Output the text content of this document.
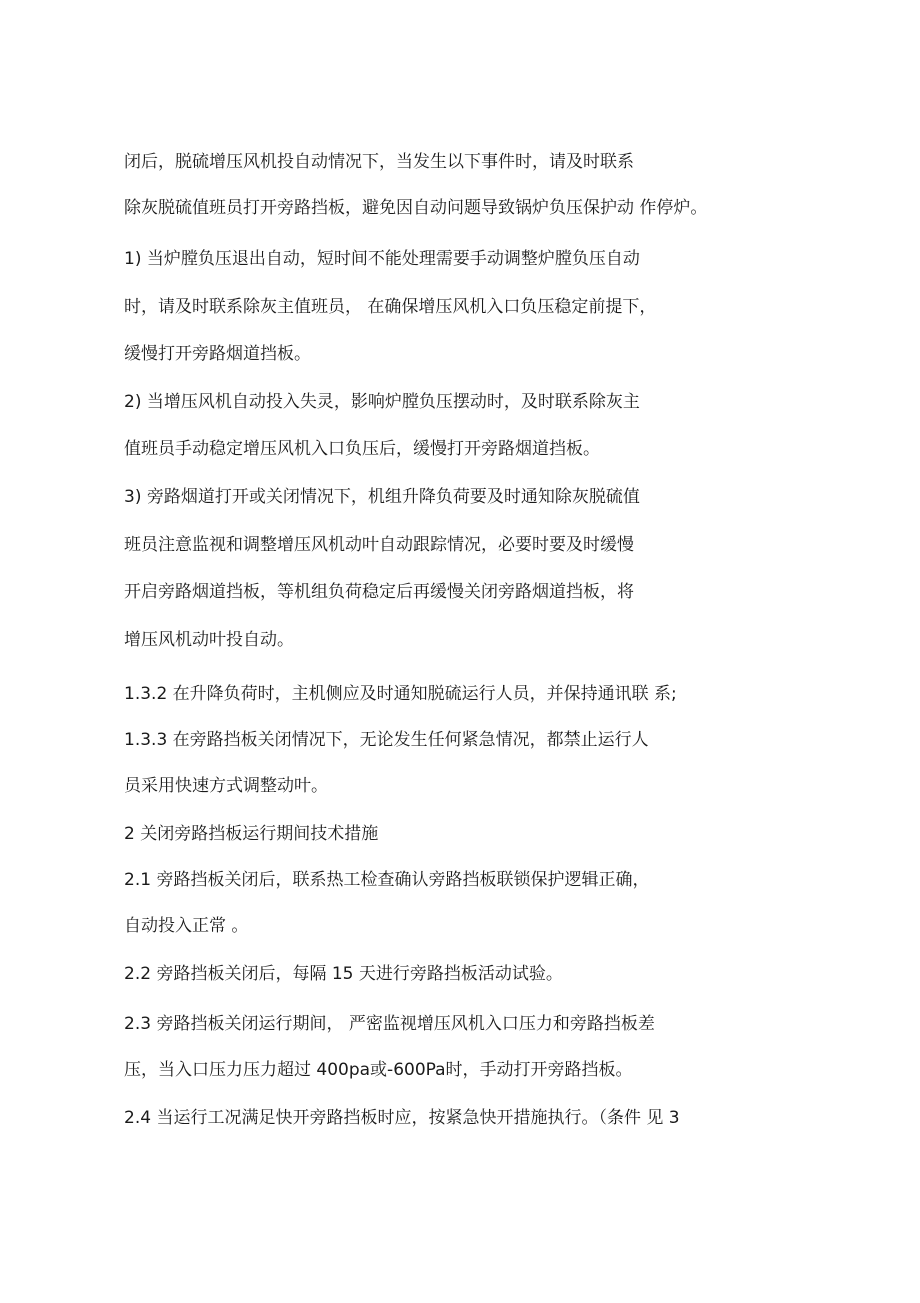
闭后，脱硫增压风机投自动情况下，当发生以下事件时，请及时联系

除灰脱硫值班员打开旁路挡板，避免因自动问题导致锅炉负压保护动 作停炉。

1) 当炉膛负压退出自动，短时间不能处理需要手动调整炉膛负压自动

时，请及时联系除灰主值班员， 在确保增压风机入口负压稳定前提下，

缓慢打开旁路烟道挡板。

2) 当增压风机自动投入失灵，影响炉膛负压摆动时，及时联系除灰主

值班员手动稳定增压风机入口负压后，缓慢打开旁路烟道挡板。

3) 旁路烟道打开或关闭情况下，机组升降负荷要及时通知除灰脱硫值

班员注意监视和调整增压风机动叶自动跟踪情况，必要时要及时缓慢

开启旁路烟道挡板，等机组负荷稳定后再缓慢关闭旁路烟道挡板，将

增压风机动叶投自动。

1.3.2 在升降负荷时，主机侧应及时通知脱硫运行人员，并保持通讯联 系;

1.3.3 在旁路挡板关闭情况下，无论发生任何紧急情况，都禁止运行人

员采用快速方式调整动叶。

2 关闭旁路挡板运行期间技术措施

2.1 旁路挡板关闭后，联系热工检查确认旁路挡板联锁保护逻辑正确，

自动投入正常 。

2.2 旁路挡板关闭后，每隔 15 天进行旁路挡板活动试验。

2.3 旁路挡板关闭运行期间， 严密监视增压风机入口压力和旁路挡板差

压，当入口压力压力超过 400pa或-600Pa时，手动打开旁路挡板。

2.4 当运行工况满足快开旁路挡板时应，按紧急快开措施执行。（条件 见 3
